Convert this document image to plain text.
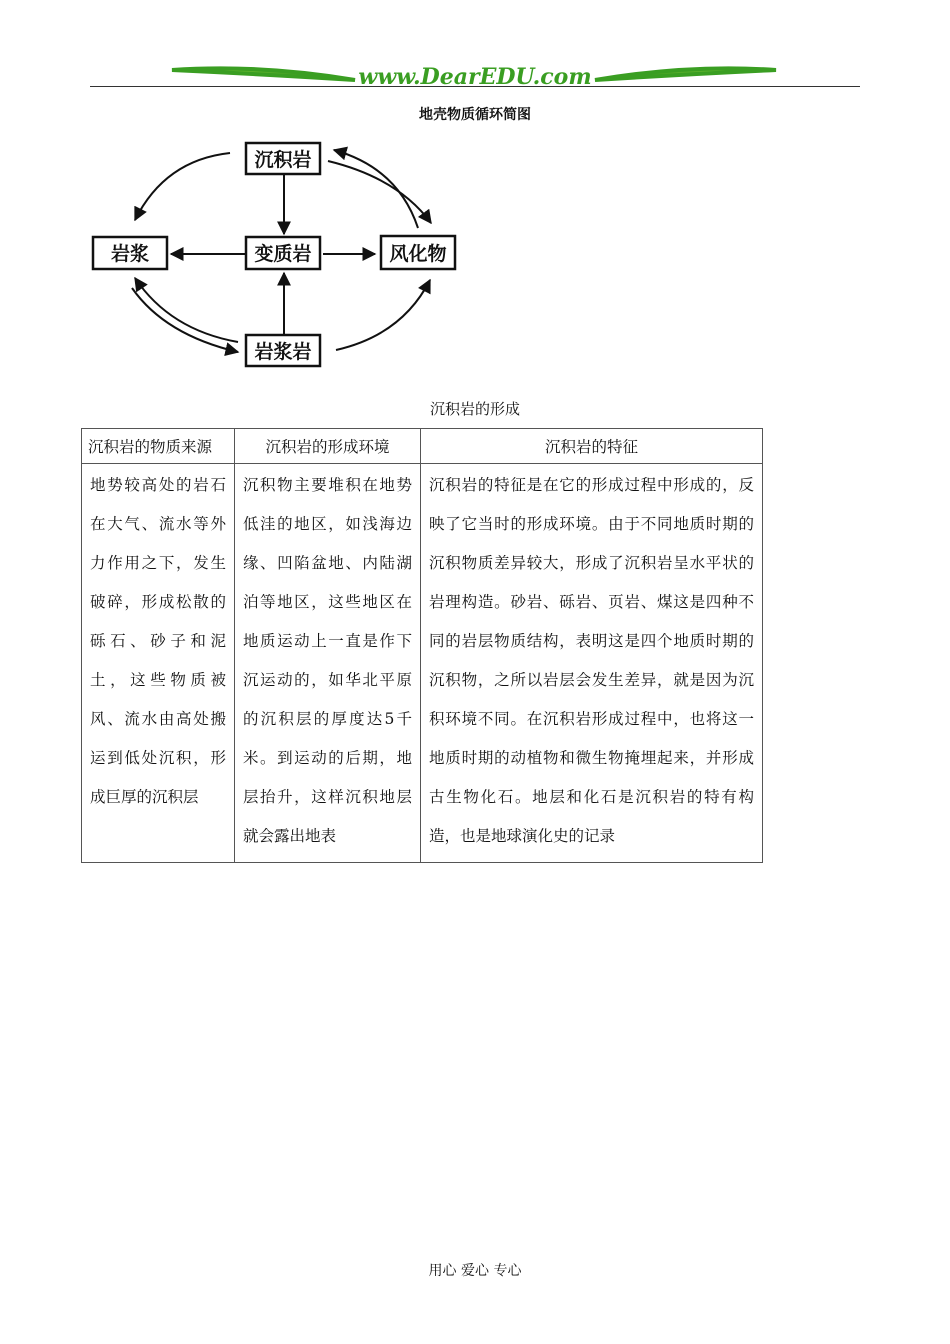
www.DearEDU.com
地壳物质循环简图
沉积岩
岩浆	变质岩	风化物
岩浆岩
沉积岩的形成
沉积岩的物质来源	沉积岩的形成环境	沉积岩的特征
地势较高处的岩石在大气、流水等外力作用之下，发生破碎，形成松散的砾石、砂子和泥土，这些物质被风、流水由高处搬运到低处沉积，形成巨厚的沉积层	沉积物主要堆积在地势低洼的地区，如浅海边缘、凹陷盆地、内陆湖泊等地区，这些地区在地质运动上一直是作下沉运动的，如华北平原的沉积层的厚度达5千米。到运动的后期，地层抬升，这样沉积地层就会露出地表	沉积岩的特征是在它的形成过程中形成的，反映了它当时的形成环境。由于不同地质时期的沉积物质差异较大，形成了沉积岩呈水平状的岩理构造。砂岩、砾岩、页岩、煤这是四种不同的岩层物质结构，表明这是四个地质时期的沉积物，之所以岩层会发生差异，就是因为沉积环境不同。在沉积岩形成过程中，也将这一地质时期的动植物和微生物掩埋起来，并形成古生物化石。地层和化石是沉积岩的特有构造，也是地球演化史的记录
用心 爱心 专心
